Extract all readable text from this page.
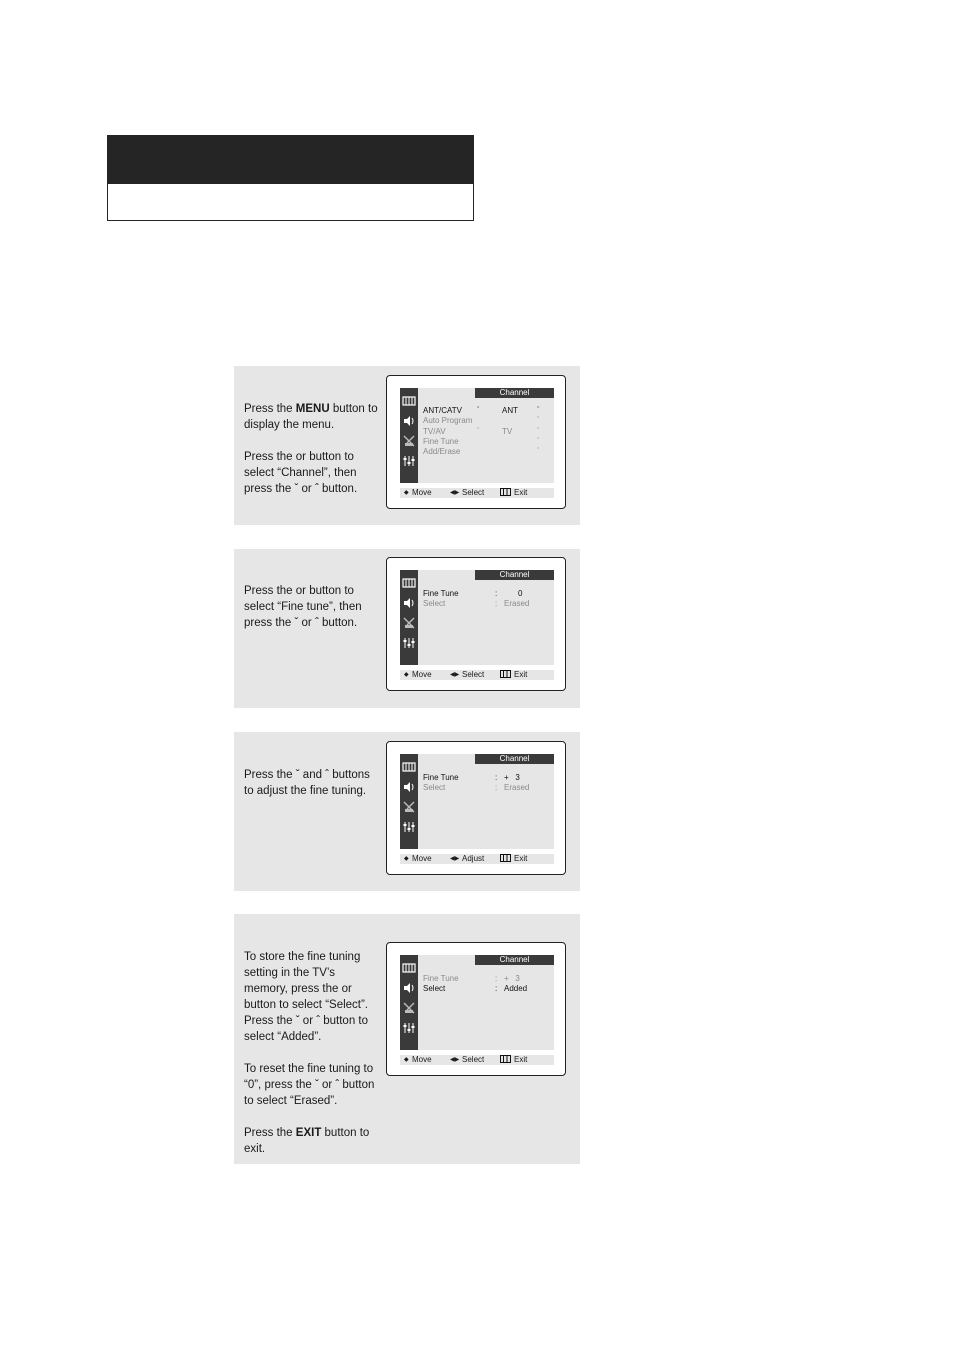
Press the MENU button to display the menu.

Press the or button to select “Channel”, then press the ˇ or ˆ button.

Channel
ANT/CATV ˇ	ANT	ˆ
Auto Program	ˆ
TV/AV	ˇ	TV	ˆ
Fine Tune	ˆ
Add/Erase	ˆ
◆ Move	◀▶ Select	Exit

Press the or button to select “Fine tune”, then press the ˇ or ˆ button.

Channel
Fine Tune	:	0
Select	: Erased
◆ Move	◀▶ Select	Exit

Press the ˇ and ˆ buttons to adjust the fine tuning.

Channel
Fine Tune	: +   3
Select	: Erased
◆ Move	◀▶ Adjust	Exit

To store the fine tuning setting in the TV’s memory, press the or button to select “Select”. Press the ˇ or ˆ button to select “Added”.

To reset the fine tuning to “0”, press the ˇ or ˆ button to select “Erased”.

Press the EXIT button to exit.

Channel
Fine Tune	: +   3
Select	: Added
◆ Move	◀▶ Select	Exit
